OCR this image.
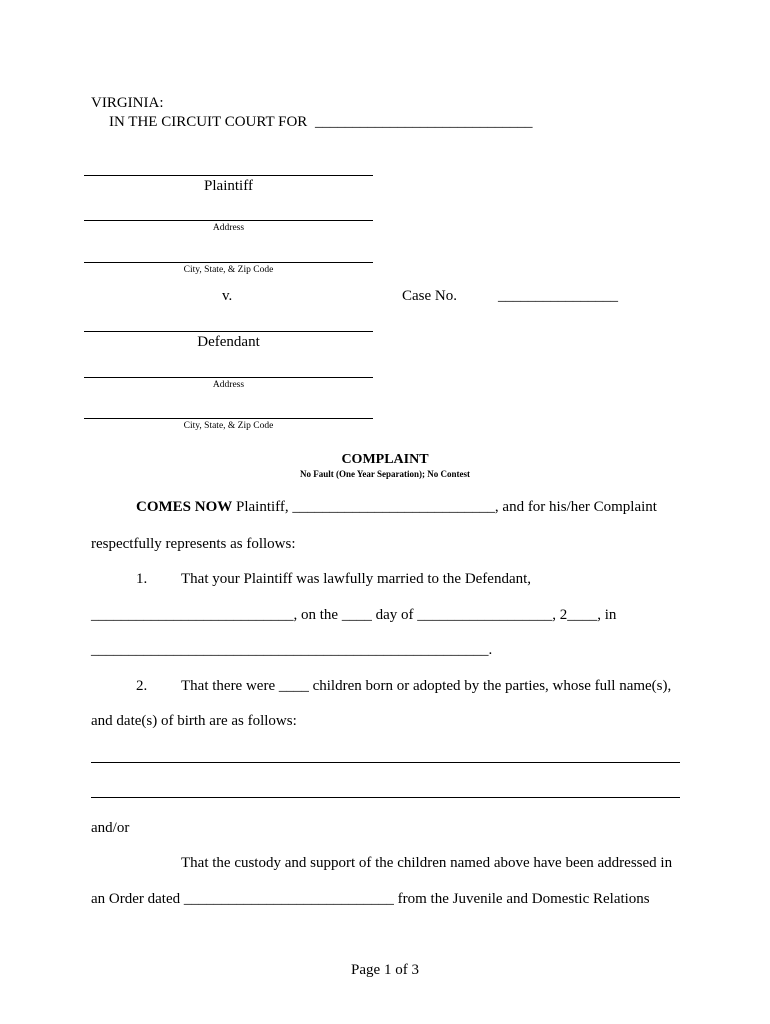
VIRGINIA:
IN THE CIRCUIT COURT FOR _____________________________
Plaintiff
Address
City, State, & Zip Code
v.	Case No.	________________
Defendant
Address
City, State, & Zip Code
COMPLAINT
No Fault (One Year Separation); No Contest
COMES NOW Plaintiff, ___________________________, and for his/her Complaint
respectfully represents as follows:
1. That your Plaintiff was lawfully married to the Defendant,
___________________________, on the ____ day of __________________, 2____, in
_____________________________________________________.
2. That there were ____ children born or adopted by the parties, whose full name(s),
and date(s) of birth are as follows:
and/or
That the custody and support of the children named above have been addressed in
an Order dated ____________________________ from the Juvenile and Domestic Relations
Page 1 of 3
